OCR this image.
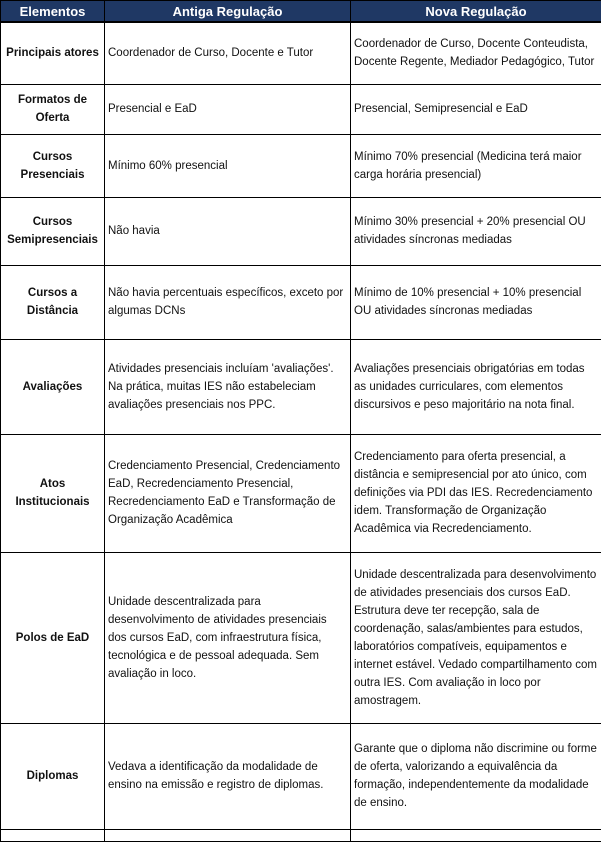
Elementos	Antiga Regulação	Nova Regulação
Principais atores	Coordenador de Curso, Docente e Tutor	Coordenador de Curso, Docente Conteudista, Docente Regente, Mediador Pedagógico, Tutor
Formatos de Oferta	Presencial e EaD	Presencial, Semipresencial e EaD
Cursos Presenciais	Mínimo 60% presencial	Mínimo 70% presencial (Medicina terá maior carga horária presencial)
Cursos Semipresenciais	Não havia	Mínimo 30% presencial + 20% presencial OU atividades síncronas mediadas
Cursos a Distância	Não havia percentuais específicos, exceto por algumas DCNs	Mínimo de 10% presencial + 10% presencial OU atividades síncronas mediadas
Avaliações	Atividades presenciais incluíam 'avaliações'. Na prática, muitas IES não estabeleciam avaliações presenciais nos PPC.	Avaliações presenciais obrigatórias em todas as unidades curriculares, com elementos discursivos e peso majoritário na nota final.
Atos Institucionais	Credenciamento Presencial, Credenciamento EaD, Recredenciamento Presencial, Recredenciamento EaD e Transformação de Organização Acadêmica	Credenciamento para oferta presencial, a distância e semipresencial por ato único, com definições via PDI das IES. Recredenciamento idem. Transformação de Organização Acadêmica via Recredenciamento.
Polos de EaD	Unidade descentralizada para desenvolvimento de atividades presenciais dos cursos EaD, com infraestrutura física, tecnológica e de pessoal adequada. Sem avaliação in loco.	Unidade descentralizada para desenvolvimento de atividades presenciais dos cursos EaD. Estrutura deve ter recepção, sala de coordenação, salas/ambientes para estudos, laboratórios compatíveis, equipamentos e internet estável. Vedado compartilhamento com outra IES. Com avaliação in loco por amostragem.
Diplomas	Vedava a identificação da modalidade de ensino na emissão e registro de diplomas.	Garante que o diploma não discrimine ou forme de oferta, valorizando a equivalência da formação, independentemente da modalidade de ensino.
